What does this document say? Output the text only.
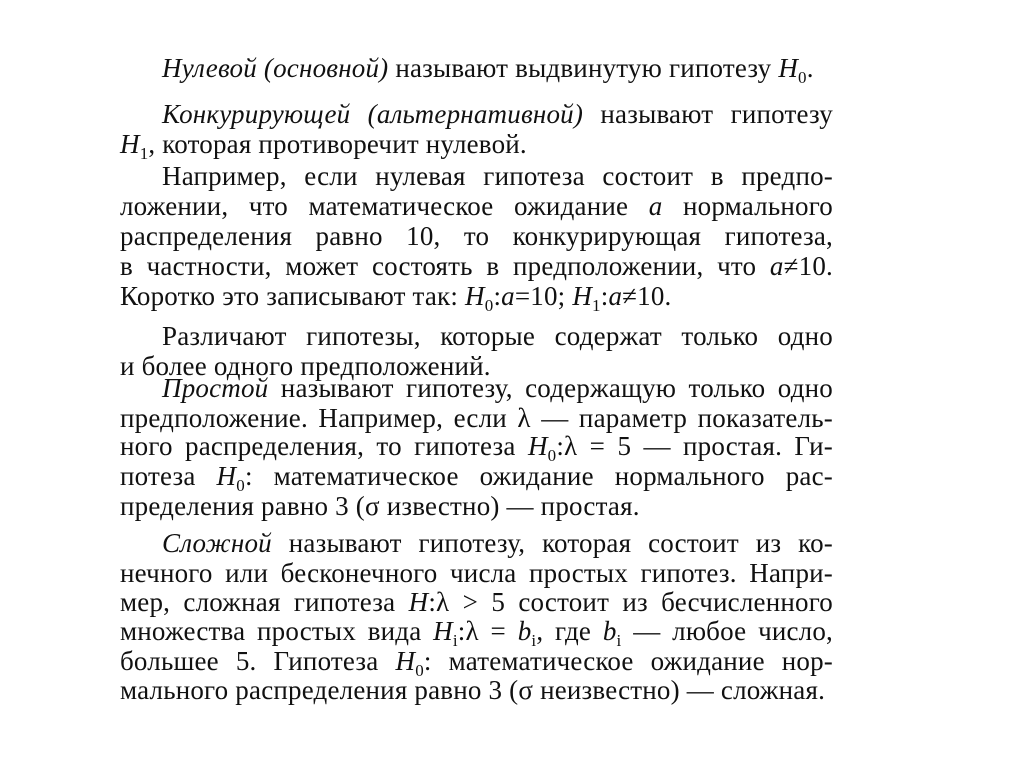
Нулевой (основной) называют выдвинутую гипотезу $H_0$.
Конкурирующей (альтернативной) называют гипотезу
$H_1$, которая противоречит нулевой.
Например, если нулевая гипотеза состоит в предпо-
ложении, что математическое ожидание a нормального
распределения равно 10, то конкурирующая гипотеза,
в частности, может состоять в предположении, что a≠10.
Коротко это записывают так: $H_0:a=10$; $H_1:a\ne 10$.
Различают гипотезы, которые содержат только одно
и более одного предположений.
Простой называют гипотезу, содержащую только одно
предположение. Например, если λ — параметр показатель-
ного распределения, то гипотеза $H_0:\lambda = 5$ — простая. Ги-
потеза $H_0$: математическое ожидание нормального рас-
пределения равно 3 (σ известно) — простая.
Сложной называют гипотезу, которая состоит из ко-
нечного или бесконечного числа простых гипотез. Напри-
мер, сложная гипотеза H:λ > 5 состоит из бесчисленного
множества простых вида $H_i:\lambda = b_i$, где $b_i$ — любое число,
большее 5. Гипотеза $H_0$: математическое ожидание нор-
мального распределения равно 3 (σ неизвестно) — сложная.
